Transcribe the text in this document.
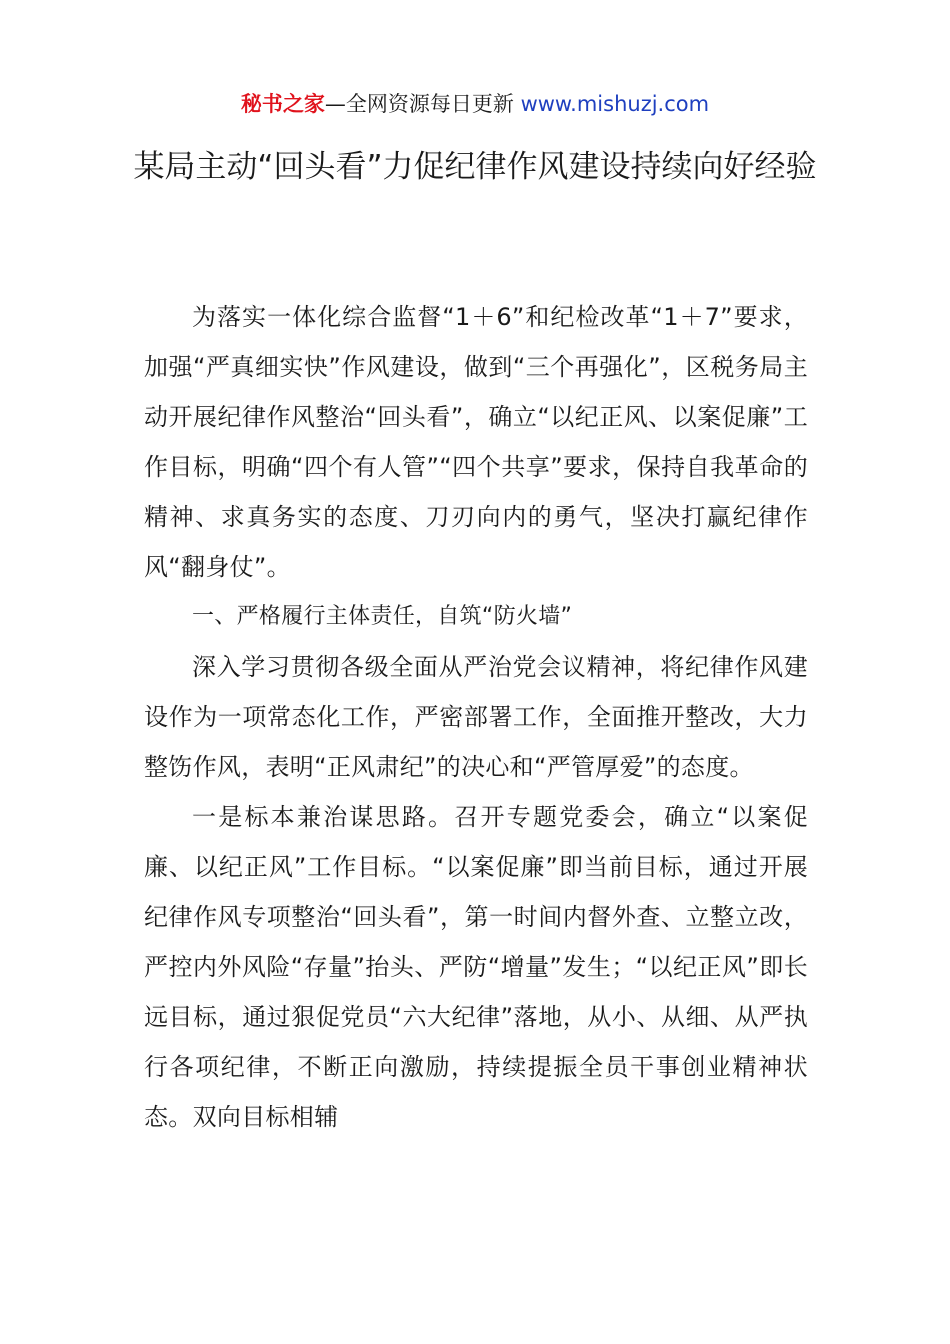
秘书之家—全网资源每日更新 www.mishuzj.com
某局主动“回头看”力促纪律作风建设持续向好经验

为落实一体化综合监督“1＋6”和纪检改革“1＋7”要求，加强“严真细实快”作风建设，做到“三个再强化”，区税务局主动开展纪律作风整治“回头看”，确立“以纪正风、以案促廉”工作目标，明确“四个有人管”“四个共享”要求，保持自我革命的精神、求真务实的态度、刀刃向内的勇气，坚决打赢纪律作风“翻身仗”。

一、严格履行主体责任，自筑“防火墙”

深入学习贯彻各级全面从严治党会议精神，将纪律作风建设作为一项常态化工作，严密部署工作，全面推开整改，大力整饬作风，表明“正风肃纪”的决心和“严管厚爱”的态度。

一是标本兼治谋思路。召开专题党委会，确立“以案促廉、以纪正风”工作目标。“以案促廉”即当前目标，通过开展纪律作风专项整治“回头看”，第一时间内督外查、立整立改，严控内外风险“存量”抬头、严防“增量”发生；“以纪正风”即长远目标，通过狠促党员“六大纪律”落地，从小、从细、从严执行各项纪律，不断正向激励，持续提振全员干事创业精神状态。双向目标相辅
